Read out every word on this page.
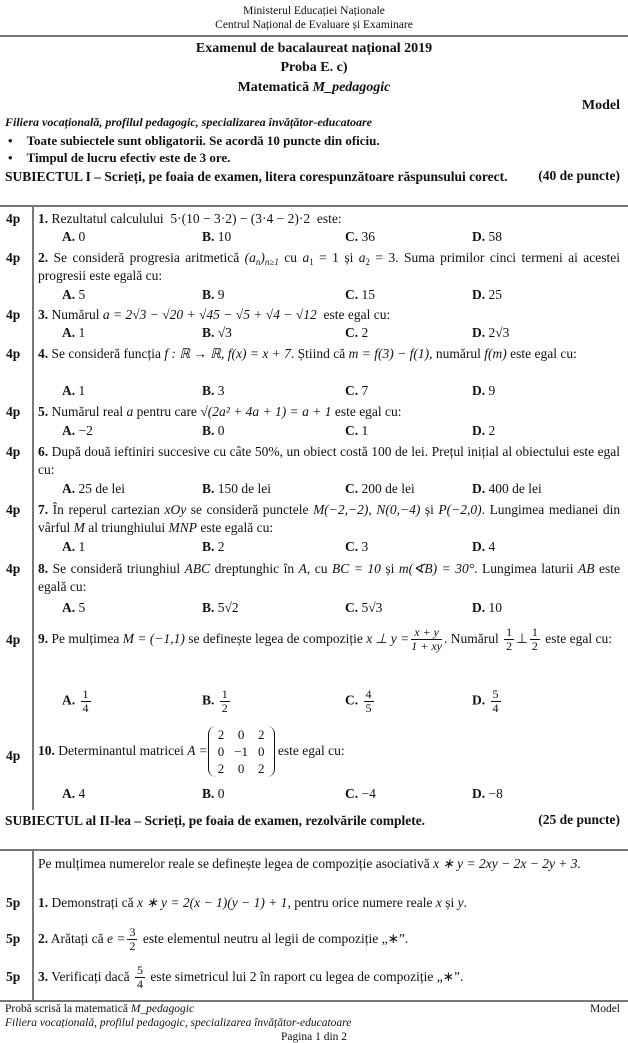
Ministerul Educației Naționale
Centrul Național de Evaluare și Examinare
Examenul de bacalaureat național 2019
Proba E. c)
Matematică M_pedagogic
Model
Filiera vocațională, profilul pedagogic, specializarea învățător-educatoare
• Toate subiectele sunt obligatorii. Se acordă 10 puncte din oficiu.
• Timpul de lucru efectiv este de 3 ore.
SUBIECTUL I – Scrieți, pe foaia de examen, litera corespunzătoare răspunsului corect. (40 de puncte)
4p	1. Rezultatul calculului 5·(10 − 3·2) − (3·4 − 2)·2 este:
A. 0	B. 10	C. 36	D. 58
4p	2. Se consideră progresia aritmetică $(a_n)_{n\ge 1}$ cu $a_1 = 1$ și $a_2 = 3$. Suma primilor cinci termeni ai acestei progresii este egală cu:
A. 5	B. 9	C. 15	D. 25
4p	3. Numărul a = 2√3 − √20 + √45 − √5 + √4 − √12 este egal cu:
A. 1	B. √3	C. 2	D. 2√3
4p	4. Se consideră funcția f : ℝ → ℝ, f(x) = x + 7. Știind că m = f(3) − f(1), numărul f(m) este egal cu:
A. 1	B. 3	C. 7	D. 9
4p	5. Numărul real a pentru care √(2a² + 4a + 1) = a + 1 este egal cu:
A. −2	B. 0	C. 1	D. 2
4p	6. După două ieftiniri succesive cu câte 50%, un obiect costă 100 de lei. Prețul inițial al obiectului este egal cu:
A. 25 de lei	B. 150 de lei	C. 200 de lei	D. 400 de lei
4p	7. În reperul cartezian xOy se consideră punctele M(−2,−2), N(0,−4) și P(−2,0). Lungimea medianei din vârful M al triunghiului MNP este egală cu:
A. 1	B. 2	C. 3	D. 4
4p	8. Se consideră triunghiul ABC dreptunghic în A, cu BC = 10 și m(∢B) = 30°. Lungimea laturii AB este egală cu:
A. 5	B. 5√2	C. 5√3	D. 10
4p	9. Pe mulțimea M = (−1,1) se definește legea de compoziție x ⊥ $y = \frac{x + y}{1 + xy}$ . Numărul $\frac{1}{2}$ ⊥ $\frac{1}{2}$ este egal cu:
A. $\frac{1}{4}$	B. $\frac{1}{2}$	C. $\frac{4}{5}$	D. $\frac{5}{4}$
4p	10. Determinantul matricei A =
2	0	2
0	−1	0
2	0	2
este egal cu:
A. 4	B. 0	C. −4	D. −8
SUBIECTUL al II-lea – Scrieți, pe foaia de examen, rezolvările complete.	(25 de puncte)
Pe mulțimea numerelor reale se definește legea de compoziție asociativă x ∗ y = 2xy − 2x − 2y + 3.
5p	1. Demonstrați că x ∗ y = 2(x − 1)(y − 1) + 1, pentru orice numere reale x și y.
5p	2. Arătați că $e = \frac{3}{2}$ este elementul neutru al legii de compoziție „∗”.
5p	3. Verificați dacă $\frac{5}{4}$ este simetricul lui 2 în raport cu legea de compoziție „∗”.
Probă scrisă la matematică M_pedagogic	Model
Filiera vocațională, profilul pedagogic, specializarea învățător-educatoare
Pagina 1 din 2
